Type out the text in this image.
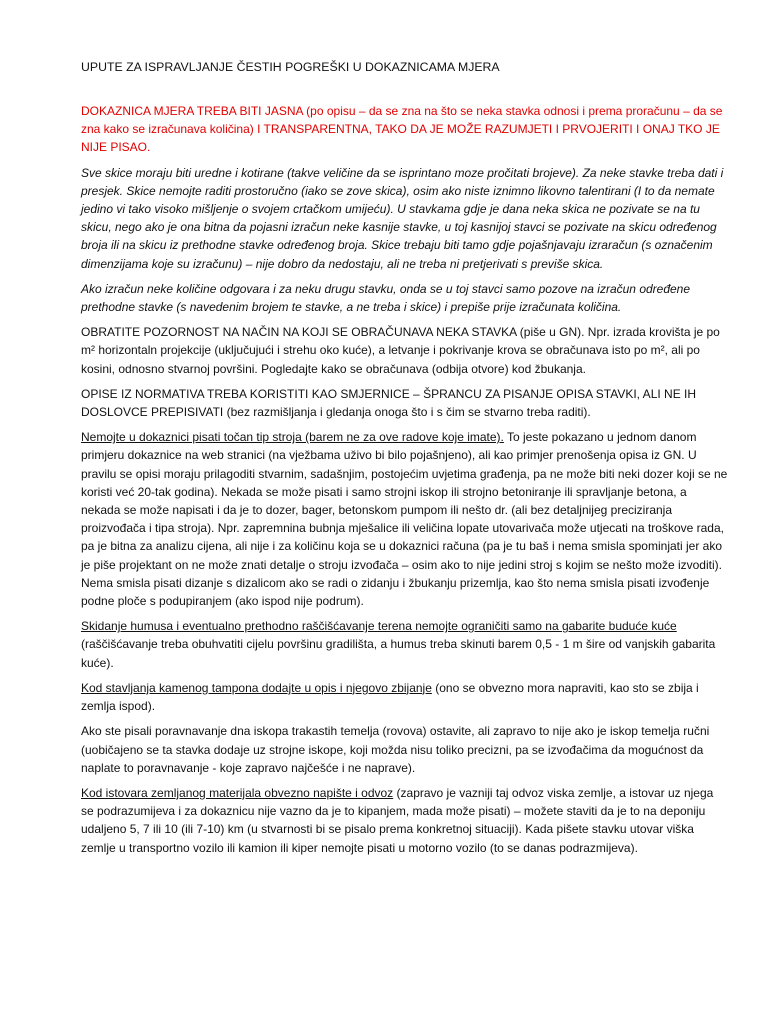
UPUTE ZA ISPRAVLJANJE ČESTIH POGREŠKI U DOKAZNICAMA MJERA
DOKAZNICA MJERA TREBA BITI JASNA (po opisu – da se zna na što se neka stavka odnosi i prema proračunu – da se zna kako se izračunava količina) I TRANSPARENTNA, TAKO DA JE MOŽE RAZUMJETI I PRVOJERITI I ONAJ TKO JE NIJE PISAO.
Sve skice moraju biti uredne i kotirane (takve veličine da se isprintano moze pročitati brojeve). Za neke stavke treba dati i presjek. Skice nemojte raditi prostoručno (iako se zove skica), osim ako niste iznimno likovno talentirani (I to da nemate jedino vi tako visoko mišljenje o svojem crtačkom umijeću). U stavkama gdje je dana neka skica ne pozivate se na tu skicu, nego ako je ona bitna da pojasni izračun neke kasnije stavke, u toj kasnijoj stavci se pozivate na skicu određenog broja ili na skicu iz prethodne stavke određenog broja. Skice trebaju biti tamo gdje pojašnjavaju izraračun (s označenim dimenzijama koje su izračunu) – nije dobro da nedostaju, ali ne treba ni pretjerivati s previše skica.
Ako izračun neke količine odgovara i za neku drugu stavku, onda se u toj stavci samo pozove na izračun određene prethodne stavke (s navedenim brojem te stavke, a ne treba i skice) i prepiše prije izračunata količina.
OBRATITE POZORNOST NA NAČIN NA KOJI SE OBRAČUNAVA NEKA STAVKA (piše u GN). Npr. izrada krovišta je po m² horizontaln projekcije (uključujući i strehu oko kuće), a letvanje i pokrivanje krova se obračunava isto po m², ali po kosini, odnosno stvarnoj površini. Pogledajte kako se obračunava (odbija otvore) kod žbukanja.
OPISE IZ NORMATIVA TREBA KORISTITI KAO SMJERNICE – ŠPRANCU ZA PISANJE OPISA STAVKI, ALI NE IH DOSLOVCE PREPISIVATI (bez razmišljanja i gledanja onoga što i s čim se stvarno treba raditi).
Nemojte u dokaznici pisati točan tip stroja (barem ne za ove radove koje imate). To jeste pokazano u jednom danom primjeru dokaznice na web stranici (na vježbama uživo bi bilo pojašnjeno), ali kao primjer prenošenja opisa iz GN. U pravilu se opisi moraju prilagoditi stvarnim, sadašnjim, postojećim uvjetima građenja, pa ne može biti neki dozer koji se ne koristi već 20-tak godina). Nekada se može pisati i samo strojni iskop ili strojno betoniranje ili spravljanje betona, a nekada se može napisati i da je to dozer, bager, betonskom pumpom ili nešto dr. (ali bez detaljnijeg preciziranja proizvođača i tipa stroja). Npr. zapremnina bubnja mješalice ili veličina lopate utovarivača može utjecati na troškove rada, pa je bitna za analizu cijena, ali nije i za količinu koja se u dokaznici računa (pa je tu baš i nema smisla spominjati jer ako je piše projektant on ne može znati detalje o stroju izvođača – osim ako to nije jedini stroj s kojim se nešto može izvoditi). Nema smisla pisati dizanje s dizalicom ako se radi o zidanju i žbukanju prizemlja, kao što nema smisla pisati izvođenje podne ploče s podupiranjem (ako ispod nije podrum).
Skidanje humusa i eventualno prethodno raščišćavanje terena nemojte ograničiti samo na gabarite buduće kuće (raščišćavanje treba obuhvatiti cijelu površinu gradilišta, a humus treba skinuti barem 0,5 - 1 m šire od vanjskih gabarita kuće).
Kod stavljanja kamenog tampona dodajte u opis i njegovo zbijanje (ono se obvezno mora napraviti, kao sto se zbija i zemlja ispod).
Ako ste pisali poravnavanje dna iskopa trakastih temelja (rovova) ostavite, ali zapravo to nije ako je iskop temelja ručni (uobičajeno se ta stavka dodaje uz strojne iskope, koji možda nisu toliko precizni, pa se izvođačima da mogućnost da naplate to poravnavanje - koje zapravo najčešće i ne naprave).
Kod istovara zemljanog materijala obvezno napište i odvoz (zapravo je vazniji taj odvoz viska zemlje, a istovar uz njega se podrazumijeva i za dokaznicu nije vazno da je to kipanjem, mada može pisati) – možete staviti da je to na deponiju udaljeno 5, 7 ili 10 (ili 7-10) km (u stvarnosti bi se pisalo prema konkretnoj situaciji). Kada pišete stavku utovar viška zemlje u transportno vozilo ili kamion ili kiper nemojte pisati u motorno vozilo (to se danas podrazmijeva).
